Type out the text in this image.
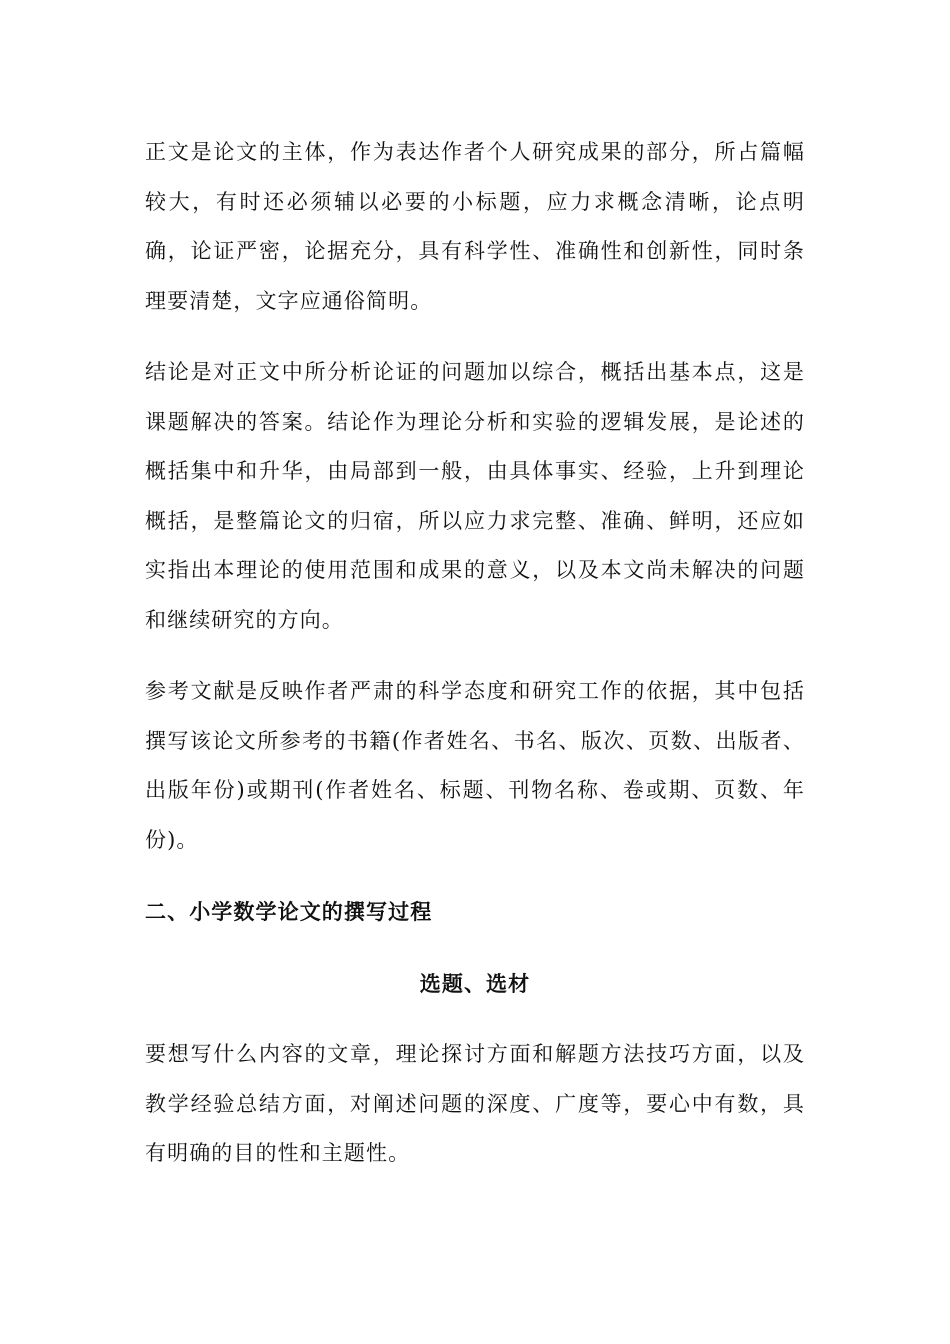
正文是论文的主体，作为表达作者个人研究成果的部分，所占篇幅较大，有时还必须辅以必要的小标题，应力求概念清晰，论点明确，论证严密，论据充分，具有科学性、准确性和创新性，同时条理要清楚，文字应通俗简明。

结论是对正文中所分析论证的问题加以综合，概括出基本点，这是课题解决的答案。结论作为理论分析和实验的逻辑发展，是论述的概括集中和升华，由局部到一般，由具体事实、经验，上升到理论概括，是整篇论文的归宿，所以应力求完整、准确、鲜明，还应如实指出本理论的使用范围和成果的意义，以及本文尚未解决的问题和继续研究的方向。

参考文献是反映作者严肃的科学态度和研究工作的依据，其中包括撰写该论文所参考的书籍(作者姓名、书名、版次、页数、出版者、出版年份)或期刊(作者姓名、标题、刊物名称、卷或期、页数、年份)。

二、小学数学论文的撰写过程
选题、选材

要想写什么内容的文章，理论探讨方面和解题方法技巧方面，以及教学经验总结方面，对阐述问题的深度、广度等，要心中有数，具有明确的目的性和主题性。
